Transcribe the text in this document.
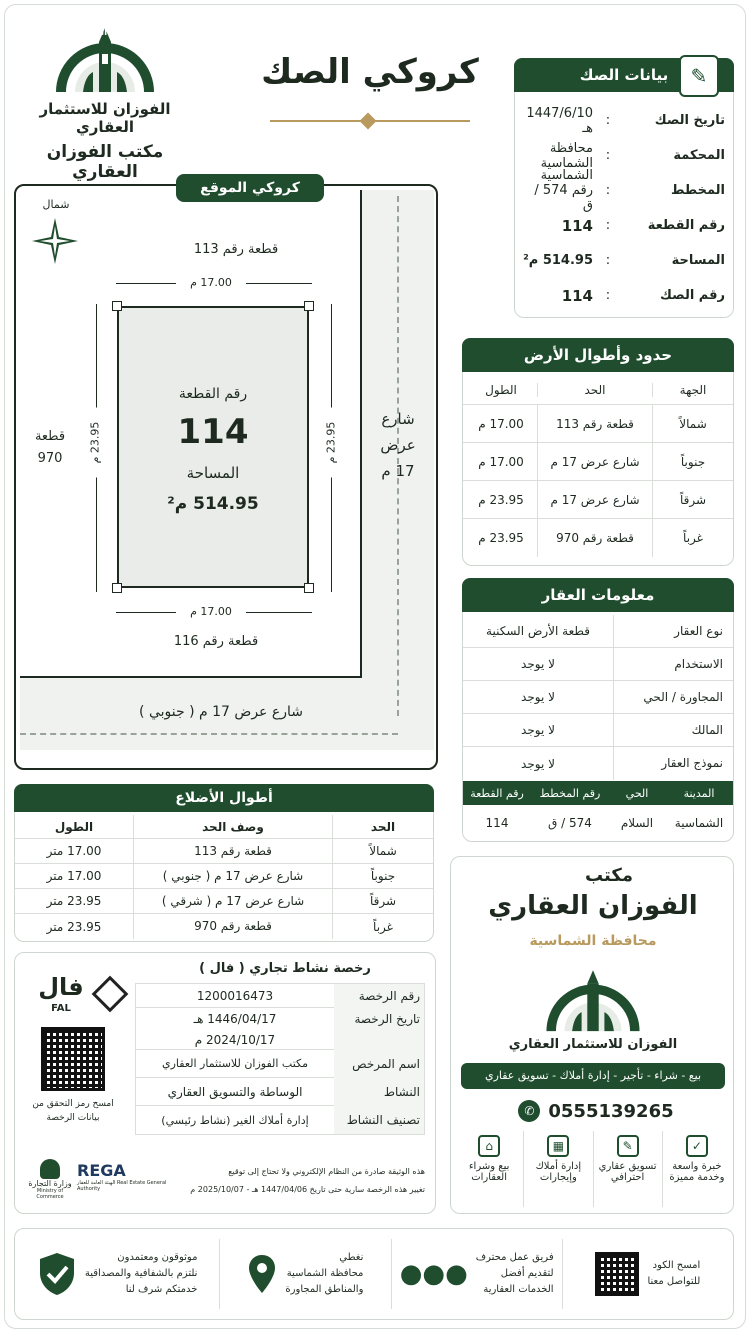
محافظة الشماسية
الفوزان للاستثمار العقاري
مكتب الفوزان العقاري
كروكي الصك	بيانات الصك	✎
تاريخ الصك
:
1447/6/10 هـ
المحكمة
:
محافظة الشماسية
المخطط
:
الشماسية رقم 574 / ق
رقم القطعة
:
114
المساحة
:
514.95 م²
رقم الصك
:
114
كروكي الموقع
شمال
قطعة رقم 113
17.00 م
رقم القطعة
114
المساحة
514.95 م²
23.95 م
23.95 م
قطعة
970
شارع
عرض
17 م
17.00 م
قطعة رقم 116
شارع عرض 17 م ( جنوبي )
حدود وأطوال الأرض
الجهة
الحد
الطول
شمالاً
قطعة رقم 113
17.00 م
جنوباً
شارع عرض 17 م
17.00 م
شرقاً
شارع عرض 17 م
23.95 م
غرباً
قطعة رقم 970
23.95 م
معلومات العقار
نوع العقار
قطعة الأرض السكنية
الاستخدام
لا يوجد
المجاورة / الحي
لا يوجد
المالك
لا يوجد
نموذج العقار
لا يوجد
المدينة
الحي
رقم المخطط
رقم القطعة
الشماسية
السلام
574 / ق
114
أطوال الأضلاع
الحد
وصف الحد
الطول
شمالاً
قطعة رقم 113
17.00 متر
جنوباً
شارع عرض 17 م ( جنوبي )
17.00 متر
شرقاً
شارع عرض 17 م ( شرقي )
23.95 متر
غرباً
قطعة رقم 970
23.95 متر
رخصة نشاط تجاري ( فال )
رقم الرخصة
1200016473
تاريخ الرخصة
1446/04/17 هـ
2024/10/17 م
اسم المرخص
مكتب الفوزان للاستثمار العقاري
النشاط
الوساطة والتسويق العقاري
تصنيف النشاط
إدارة أملاك الغير (نشاط رئيسي)
فال
FAL
امسح رمز التحقق من بيانات الرخصة
هذه الوثيقة صادرة من النظام الإلكتروني ولا تحتاج إلى توقيع
تغيير هذه الرخصة سارية حتى تاريخ 1447/04/06 هـ - 2025/10/07 م
REGA
الهيئة العامة للعقار Real Estate General Authority
وزارة التجارة
Ministry of Commerce
مكتب
الفوزان العقاري
محافظة الشماسية
الفوزان للاستثمار العقاري
بيع - شراء - تأجير - إدارة أملاك - تسويق عقاري
✆ 0555139265
✓
خبرة واسعة
وخدمة مميزة
✎
تسويق عقاري
احترافي
▦
إدارة أملاك
وإيجارات
⌂
بيع وشراء
العقارات
امسح الكود
للتواصل معنا
فريق عمل محترف
لتقديم أفضل
الخدمات العقارية
●●●
نغطي
محافظة الشماسية
والمناطق المجاورة
موثوقون ومعتمدون
نلتزم بالشفافية والمصداقية
خدمتكم شرف لنا
